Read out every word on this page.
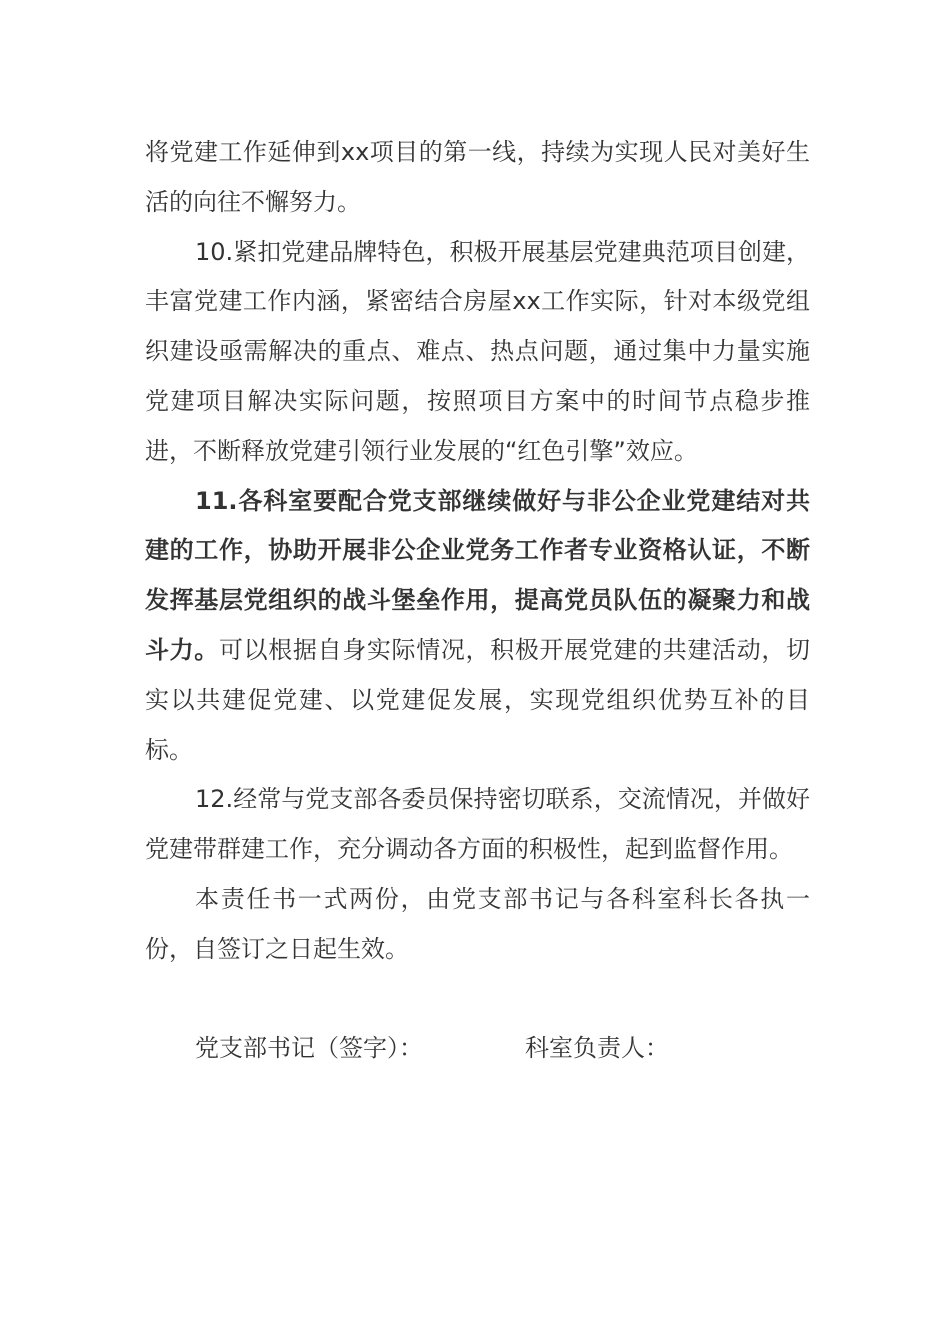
将党建工作延伸到xx项目的第一线，持续为实现人民对美好生活的向往不懈努力。

10.紧扣党建品牌特色，积极开展基层党建典范项目创建，丰富党建工作内涵，紧密结合房屋xx工作实际，针对本级党组织建设亟需解决的重点、难点、热点问题，通过集中力量实施党建项目解决实际问题，按照项目方案中的时间节点稳步推进，不断释放党建引领行业发展的“红色引擎”效应。

11.各科室要配合党支部继续做好与非公企业党建结对共建的工作，协助开展非公企业党务工作者专业资格认证，不断发挥基层党组织的战斗堡垒作用，提高党员队伍的凝聚力和战斗力。可以根据自身实际情况，积极开展党建的共建活动，切实以共建促党建、以党建促发展，实现党组织优势互补的目标。

12.经常与党支部各委员保持密切联系，交流情况，并做好党建带群建工作，充分调动各方面的积极性，起到监督作用。

本责任书一式两份，由党支部书记与各科室科长各执一份，自签订之日起生效。

党支部书记（签字）：	科室负责人：
